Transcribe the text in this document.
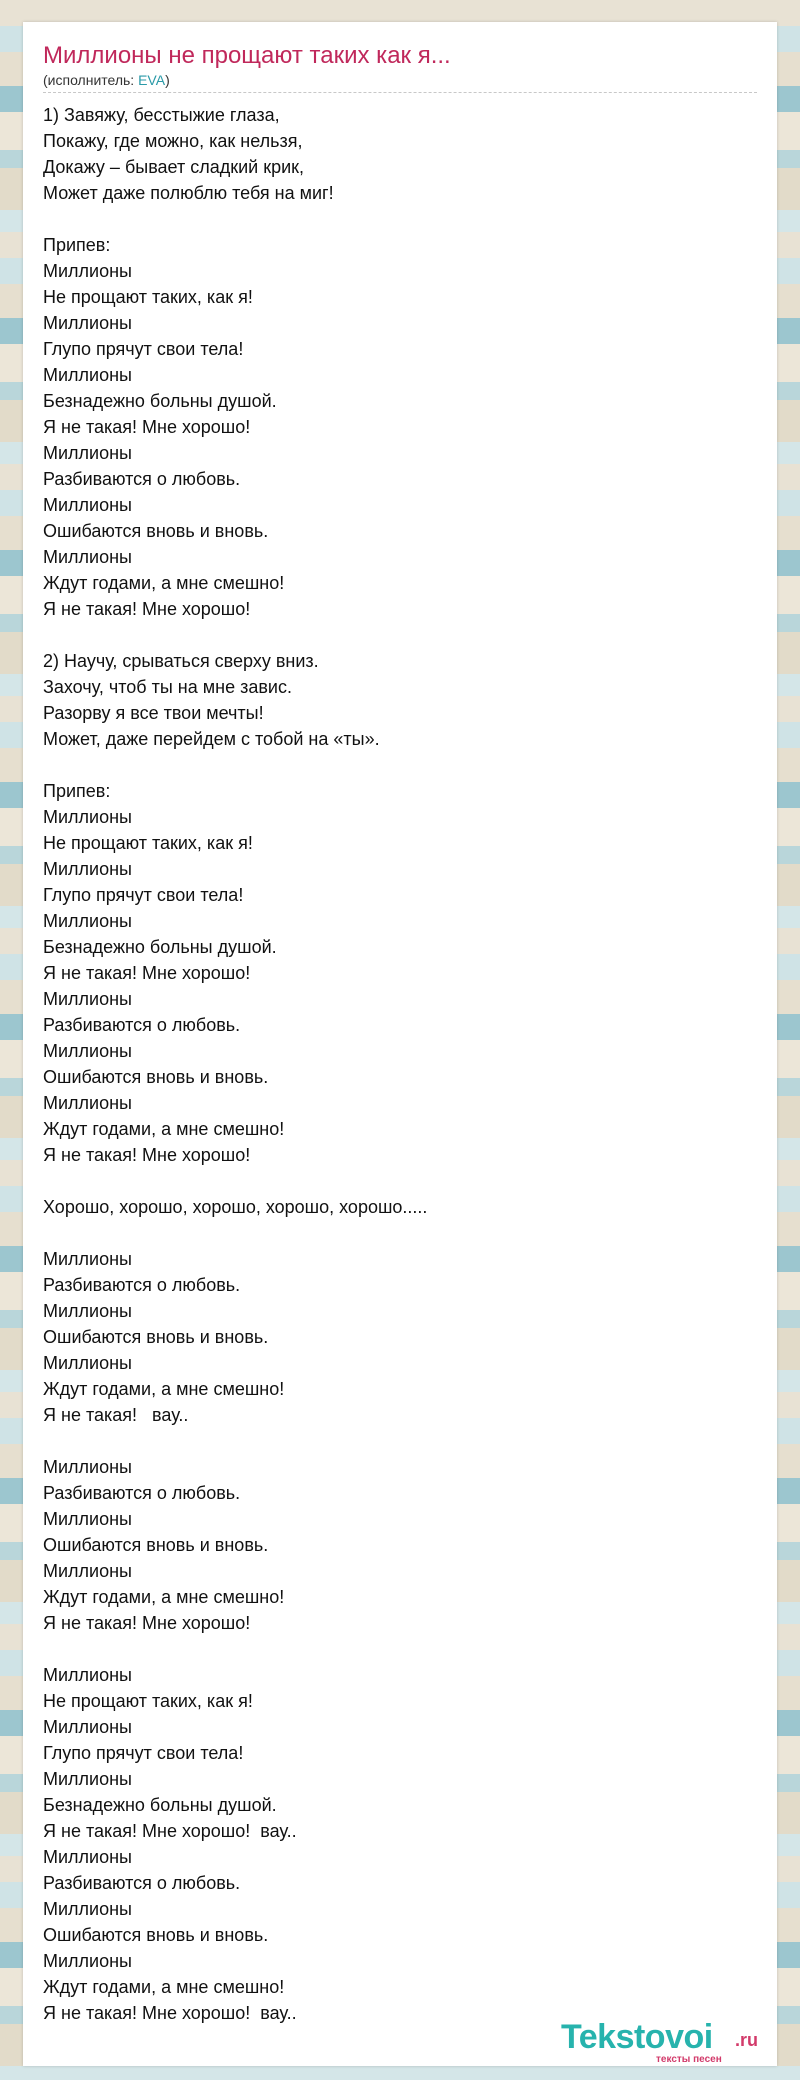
Миллионы не прощают таких как я...
(исполнитель: EVA)
1) Завяжу, бесстыжие глаза,
Покажу, где можно, как нельзя,
Докажу – бывает сладкий крик,
Может даже полюблю тебя на миг!
Припев:
Миллионы
Не прощают таких, как я!
Миллионы
Глупо прячут свои тела!
Миллионы
Безнадежно больны душой.
Я не такая! Мне хорошо!
Миллионы
Разбиваются о любовь.
Миллионы
Ошибаются вновь и вновь.
Миллионы
Ждут годами, а мне смешно!
Я не такая! Мне хорошо!
2) Научу, срываться сверху вниз.
Захочу, чтоб ты на мне завис.
Разорву я все твои мечты!
Может, даже перейдем с тобой на «ты».
Припев:
Миллионы
Не прощают таких, как я!
Миллионы
Глупо прячут свои тела!
Миллионы
Безнадежно больны душой.
Я не такая! Мне хорошо!
Миллионы
Разбиваются о любовь.
Миллионы
Ошибаются вновь и вновь.
Миллионы
Ждут годами, а мне смешно!
Я не такая! Мне хорошо!
Хорошо, хорошо, хорошо, хорошо, хорошо.....
Миллионы
Разбиваются о любовь.
Миллионы
Ошибаются вновь и вновь.
Миллионы
Ждут годами, а мне смешно!
Я не такая!   вау..
Миллионы
Разбиваются о любовь.
Миллионы
Ошибаются вновь и вновь.
Миллионы
Ждут годами, а мне смешно!
Я не такая! Мне хорошо!
Миллионы
Не прощают таких, как я!
Миллионы
Глупо прячут свои тела!
Миллионы
Безнадежно больны душой.
Я не такая! Мне хорошо!  вау..
Миллионы
Разбиваются о любовь.
Миллионы
Ошибаются вновь и вновь.
Миллионы
Ждут годами, а мне смешно!
Я не такая! Мне хорошо!  вау..
Tekstovoi .ru
тексты песен
